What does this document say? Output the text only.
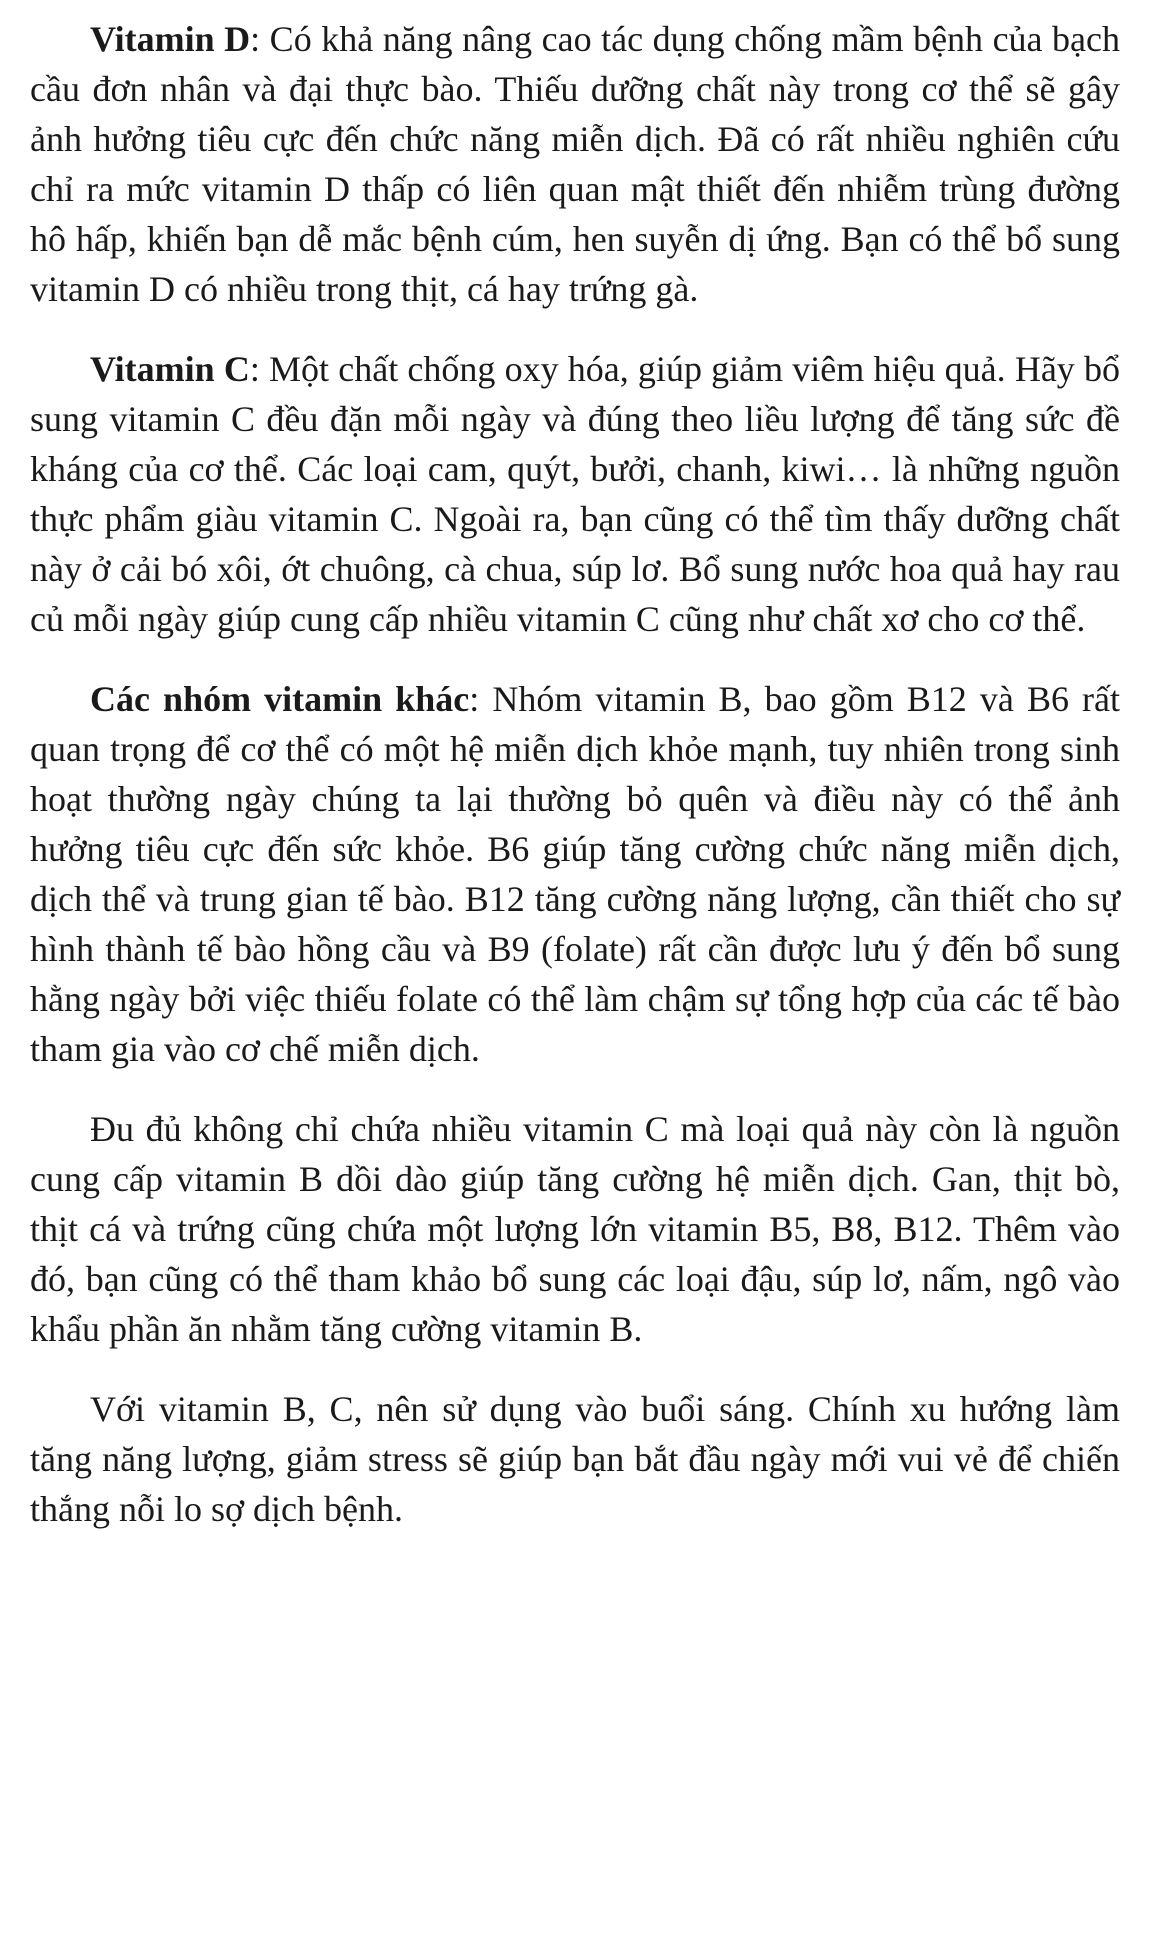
Vitamin D: Có khả năng nâng cao tác dụng chống mầm bệnh của bạch cầu đơn nhân và đại thực bào. Thiếu dưỡng chất này trong cơ thể sẽ gây ảnh hưởng tiêu cực đến chức năng miễn dịch. Đã có rất nhiều nghiên cứu chỉ ra mức vitamin D thấp có liên quan mật thiết đến nhiễm trùng đường hô hấp, khiến bạn dễ mắc bệnh cúm, hen suyễn dị ứng. Bạn có thể bổ sung vitamin D có nhiều trong thịt, cá hay trứng gà.

Vitamin C: Một chất chống oxy hóa, giúp giảm viêm hiệu quả. Hãy bổ sung vitamin C đều đặn mỗi ngày và đúng theo liều lượng để tăng sức đề kháng của cơ thể. Các loại cam, quýt, bưởi, chanh, kiwi… là những nguồn thực phẩm giàu vitamin C. Ngoài ra, bạn cũng có thể tìm thấy dưỡng chất này ở cải bó xôi, ớt chuông, cà chua, súp lơ. Bổ sung nước hoa quả hay rau củ mỗi ngày giúp cung cấp nhiều vitamin C cũng như chất xơ cho cơ thể.

Các nhóm vitamin khác: Nhóm vitamin B, bao gồm B12 và B6 rất quan trọng để cơ thể có một hệ miễn dịch khỏe mạnh, tuy nhiên trong sinh hoạt thường ngày chúng ta lại thường bỏ quên và điều này có thể ảnh hưởng tiêu cực đến sức khỏe. B6 giúp tăng cường chức năng miễn dịch, dịch thể và trung gian tế bào. B12 tăng cường năng lượng, cần thiết cho sự hình thành tế bào hồng cầu và B9 (folate) rất cần được lưu ý đến bổ sung hằng ngày bởi việc thiếu folate có thể làm chậm sự tổng hợp của các tế bào tham gia vào cơ chế miễn dịch.

Đu đủ không chỉ chứa nhiều vitamin C mà loại quả này còn là nguồn cung cấp vitamin B dồi dào giúp tăng cường hệ miễn dịch. Gan, thịt bò, thịt cá và trứng cũng chứa một lượng lớn vitamin B5, B8, B12. Thêm vào đó, bạn cũng có thể tham khảo bổ sung các loại đậu, súp lơ, nấm, ngô vào khẩu phần ăn nhằm tăng cường vitamin B.

Với vitamin B, C, nên sử dụng vào buổi sáng. Chính xu hướng làm tăng năng lượng, giảm stress sẽ giúp bạn bắt đầu ngày mới vui vẻ để chiến thắng nỗi lo sợ dịch bệnh.
